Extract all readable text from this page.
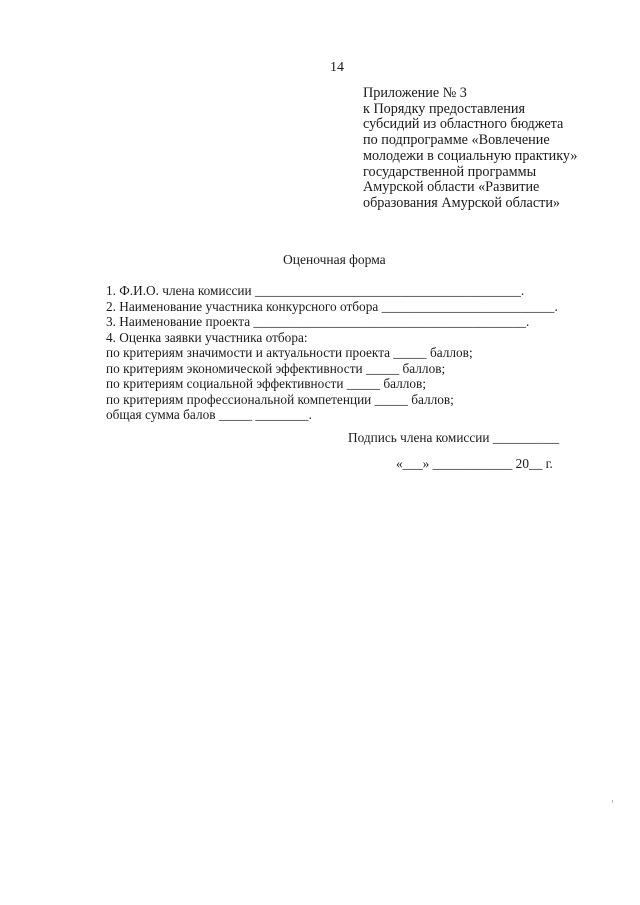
14
Приложение № 3
к Порядку предоставления
субсидий из областного бюджета
по подпрограмме «Вовлечение
молодежи в социальную практику»
государственной программы
Амурской области «Развитие
образования Амурской области»
Оценочная форма
1. Ф.И.О. члена комиссии ________________________________________.
2. Наименование участника конкурсного отбора __________________________.
3. Наименование проекта _________________________________________.
4. Оценка заявки участника отбора:
по критериям значимости и актуальности проекта _____ баллов;
по критериям экономической эффективности _____ баллов;
по критериям социальной эффективности _____ баллов;
по критериям профессиональной компетенции _____ баллов;
общая сумма балов _____ ________.
Подпись члена комиссии __________
«___» ____________ 20__ г.
